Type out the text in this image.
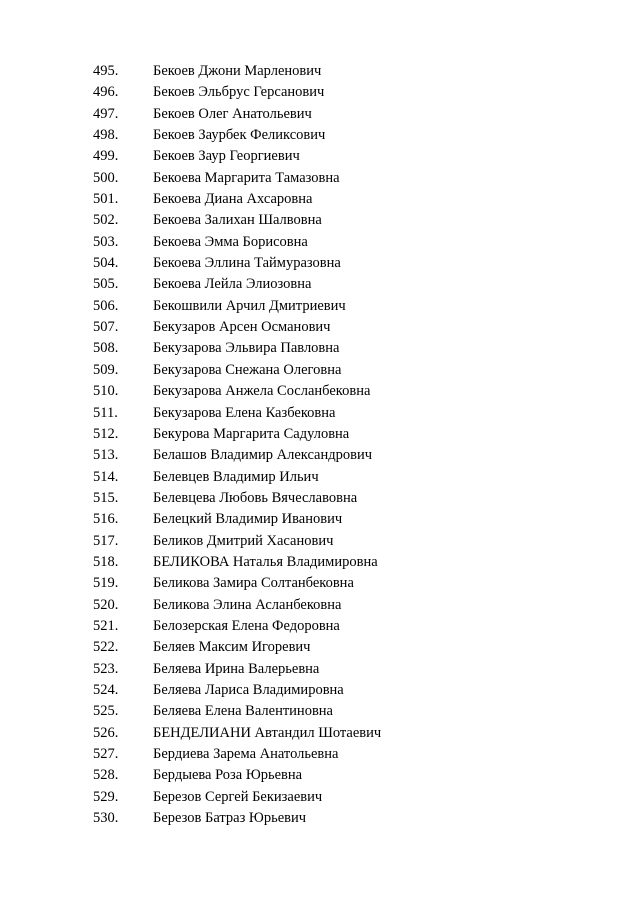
495.	Бекоев Джони Марленович
496.	Бекоев Эльбрус Герсанович
497.	Бекоев Олег Анатольевич
498.	Бекоев Заурбек Феликсович
499.	Бекоев Заур Георгиевич
500.	Бекоева Маргарита Тамазовна
501.	Бекоева Диана Ахсаровна
502.	Бекоева Залихан Шалвовна
503.	Бекоева Эмма Борисовна
504.	Бекоева Эллина Таймуразовна
505.	Бекоева Лейла Элиозовна
506.	Бекошвили Арчил Дмитриевич
507.	Бекузаров Арсен Османович
508.	Бекузарова Эльвира Павловна
509.	Бекузарова Снежана Олеговна
510.	Бекузарова Анжела Сосланбековна
511.	Бекузарова Елена Казбековна
512.	Бекурова Маргарита Садуловна
513.	Белашов Владимир Александрович
514.	Белевцев Владимир Ильич
515.	Белевцева Любовь Вячеславовна
516.	Белецкий Владимир Иванович
517.	Беликов Дмитрий Хасанович
518.	БЕЛИКОВА Наталья Владимировна
519.	Беликова Замира Солтанбековна
520.	Беликова Элина Асланбековна
521.	Белозерская Елена Федоровна
522.	Беляев Максим Игоревич
523.	Беляева Ирина Валерьевна
524.	Беляева Лариса Владимировна
525.	Беляева Елена Валентиновна
526.	БЕНДЕЛИАНИ Автандил Шотаевич
527.	Бердиева Зарема Анатольевна
528.	Бердыева Роза Юрьевна
529.	Березов Сергей Бекизаевич
530.	Березов Батраз Юрьевич
